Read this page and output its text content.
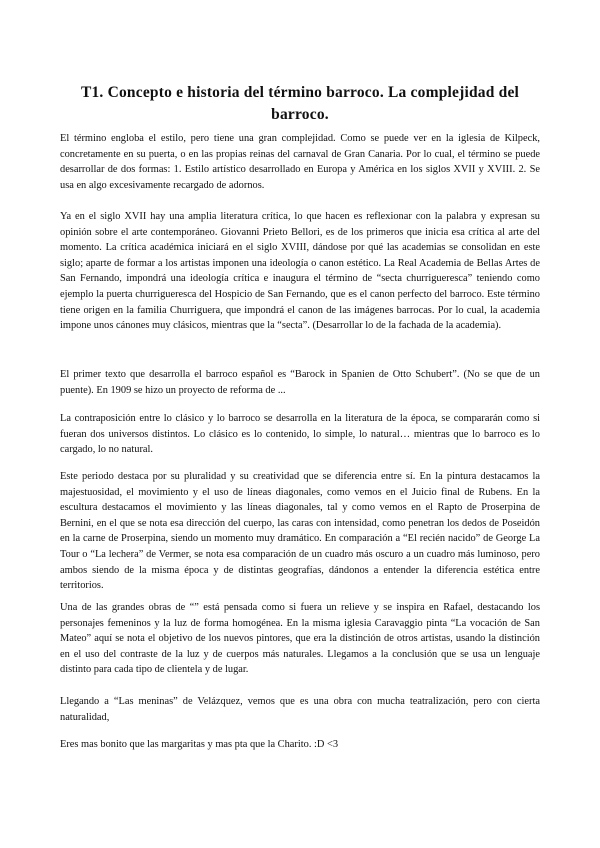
T1. Concepto e historia del término barroco. La complejidad del barroco.

El término engloba el estilo, pero tiene una gran complejidad. Como se puede ver en la iglesia de Kilpeck, concretamente en su puerta, o en las propias reinas del carnaval de Gran Canaria. Por lo cual, el término se puede desarrollar de dos formas: 1. Estilo artístico desarrollado en Europa y América en los siglos XVII y XVIII. 2. Se usa en algo excesivamente recargado de adornos.

Ya en el siglo XVII hay una amplia literatura crítica, lo que hacen es reflexionar con la palabra y expresan su opinión sobre el arte contemporáneo. Giovanni Prieto Bellori, es de los primeros que inicia esa crítica al arte del momento. La crítica académica iniciará en el siglo XVIII, dándose por qué las academias se consolidan en este siglo; aparte de formar a los artistas imponen una ideología o canon estético. La Real Academia de Bellas Artes de San Fernando, impondrá una ideología crítica e inaugura el término de “secta churrigueresca” teniendo como ejemplo la puerta churrigueresca del Hospicio de San Fernando, que es el canon perfecto del barroco. Este término tiene origen en la familia Churriguera, que impondrá el canon de las imágenes barrocas. Por lo cual, la academia impone unos cánones muy clásicos, mientras que la “secta”. (Desarrollar lo de la fachada de la academia).

El primer texto que desarrolla el barroco español es “Barock in Spanien de Otto Schubert”. (No se que de un puente). En 1909 se hizo un proyecto de reforma de ...

La contraposición entre lo clásico y lo barroco se desarrolla en la literatura de la época, se compararán como si fueran dos universos distintos. Lo clásico es lo contenido, lo simple, lo natural… mientras que lo barroco es lo cargado, lo no natural.

Este periodo destaca por su pluralidad y su creatividad que se diferencia entre sí. En la pintura destacamos la majestuosidad, el movimiento y el uso de líneas diagonales, como vemos en el Juicio final de Rubens. En la escultura destacamos el movimiento y las líneas diagonales, tal y como vemos en el Rapto de Proserpina de Bernini, en el que se nota esa dirección del cuerpo, las caras con intensidad, como penetran los dedos de Poseidón en la carne de Proserpina, siendo un momento muy dramático. En comparación a “El recién nacido” de George La Tour o “La lechera” de Vermer, se nota esa comparación de un cuadro más oscuro a un cuadro más luminoso, pero ambos siendo de la misma época y de distintas geografías, dándonos a entender la diferencia estética entre territorios.

Una de las grandes obras de “” está pensada como si fuera un relieve y se inspira en Rafael, destacando los personajes femeninos y la luz de forma homogénea. En la misma iglesia Caravaggio pinta “La vocación de San Mateo” aquí se nota el objetivo de los nuevos pintores, que era la distinción de otros artistas, usando la distinción en el uso del contraste de la luz y de cuerpos más naturales. Llegamos a la conclusión que se usa un lenguaje distinto para cada tipo de clientela y de lugar.

Llegando a “Las meninas” de Velázquez, vemos que es una obra con mucha teatralización, pero con cierta naturalidad,

Eres mas bonito que las margaritas y mas pta que la Charito. :D <3
